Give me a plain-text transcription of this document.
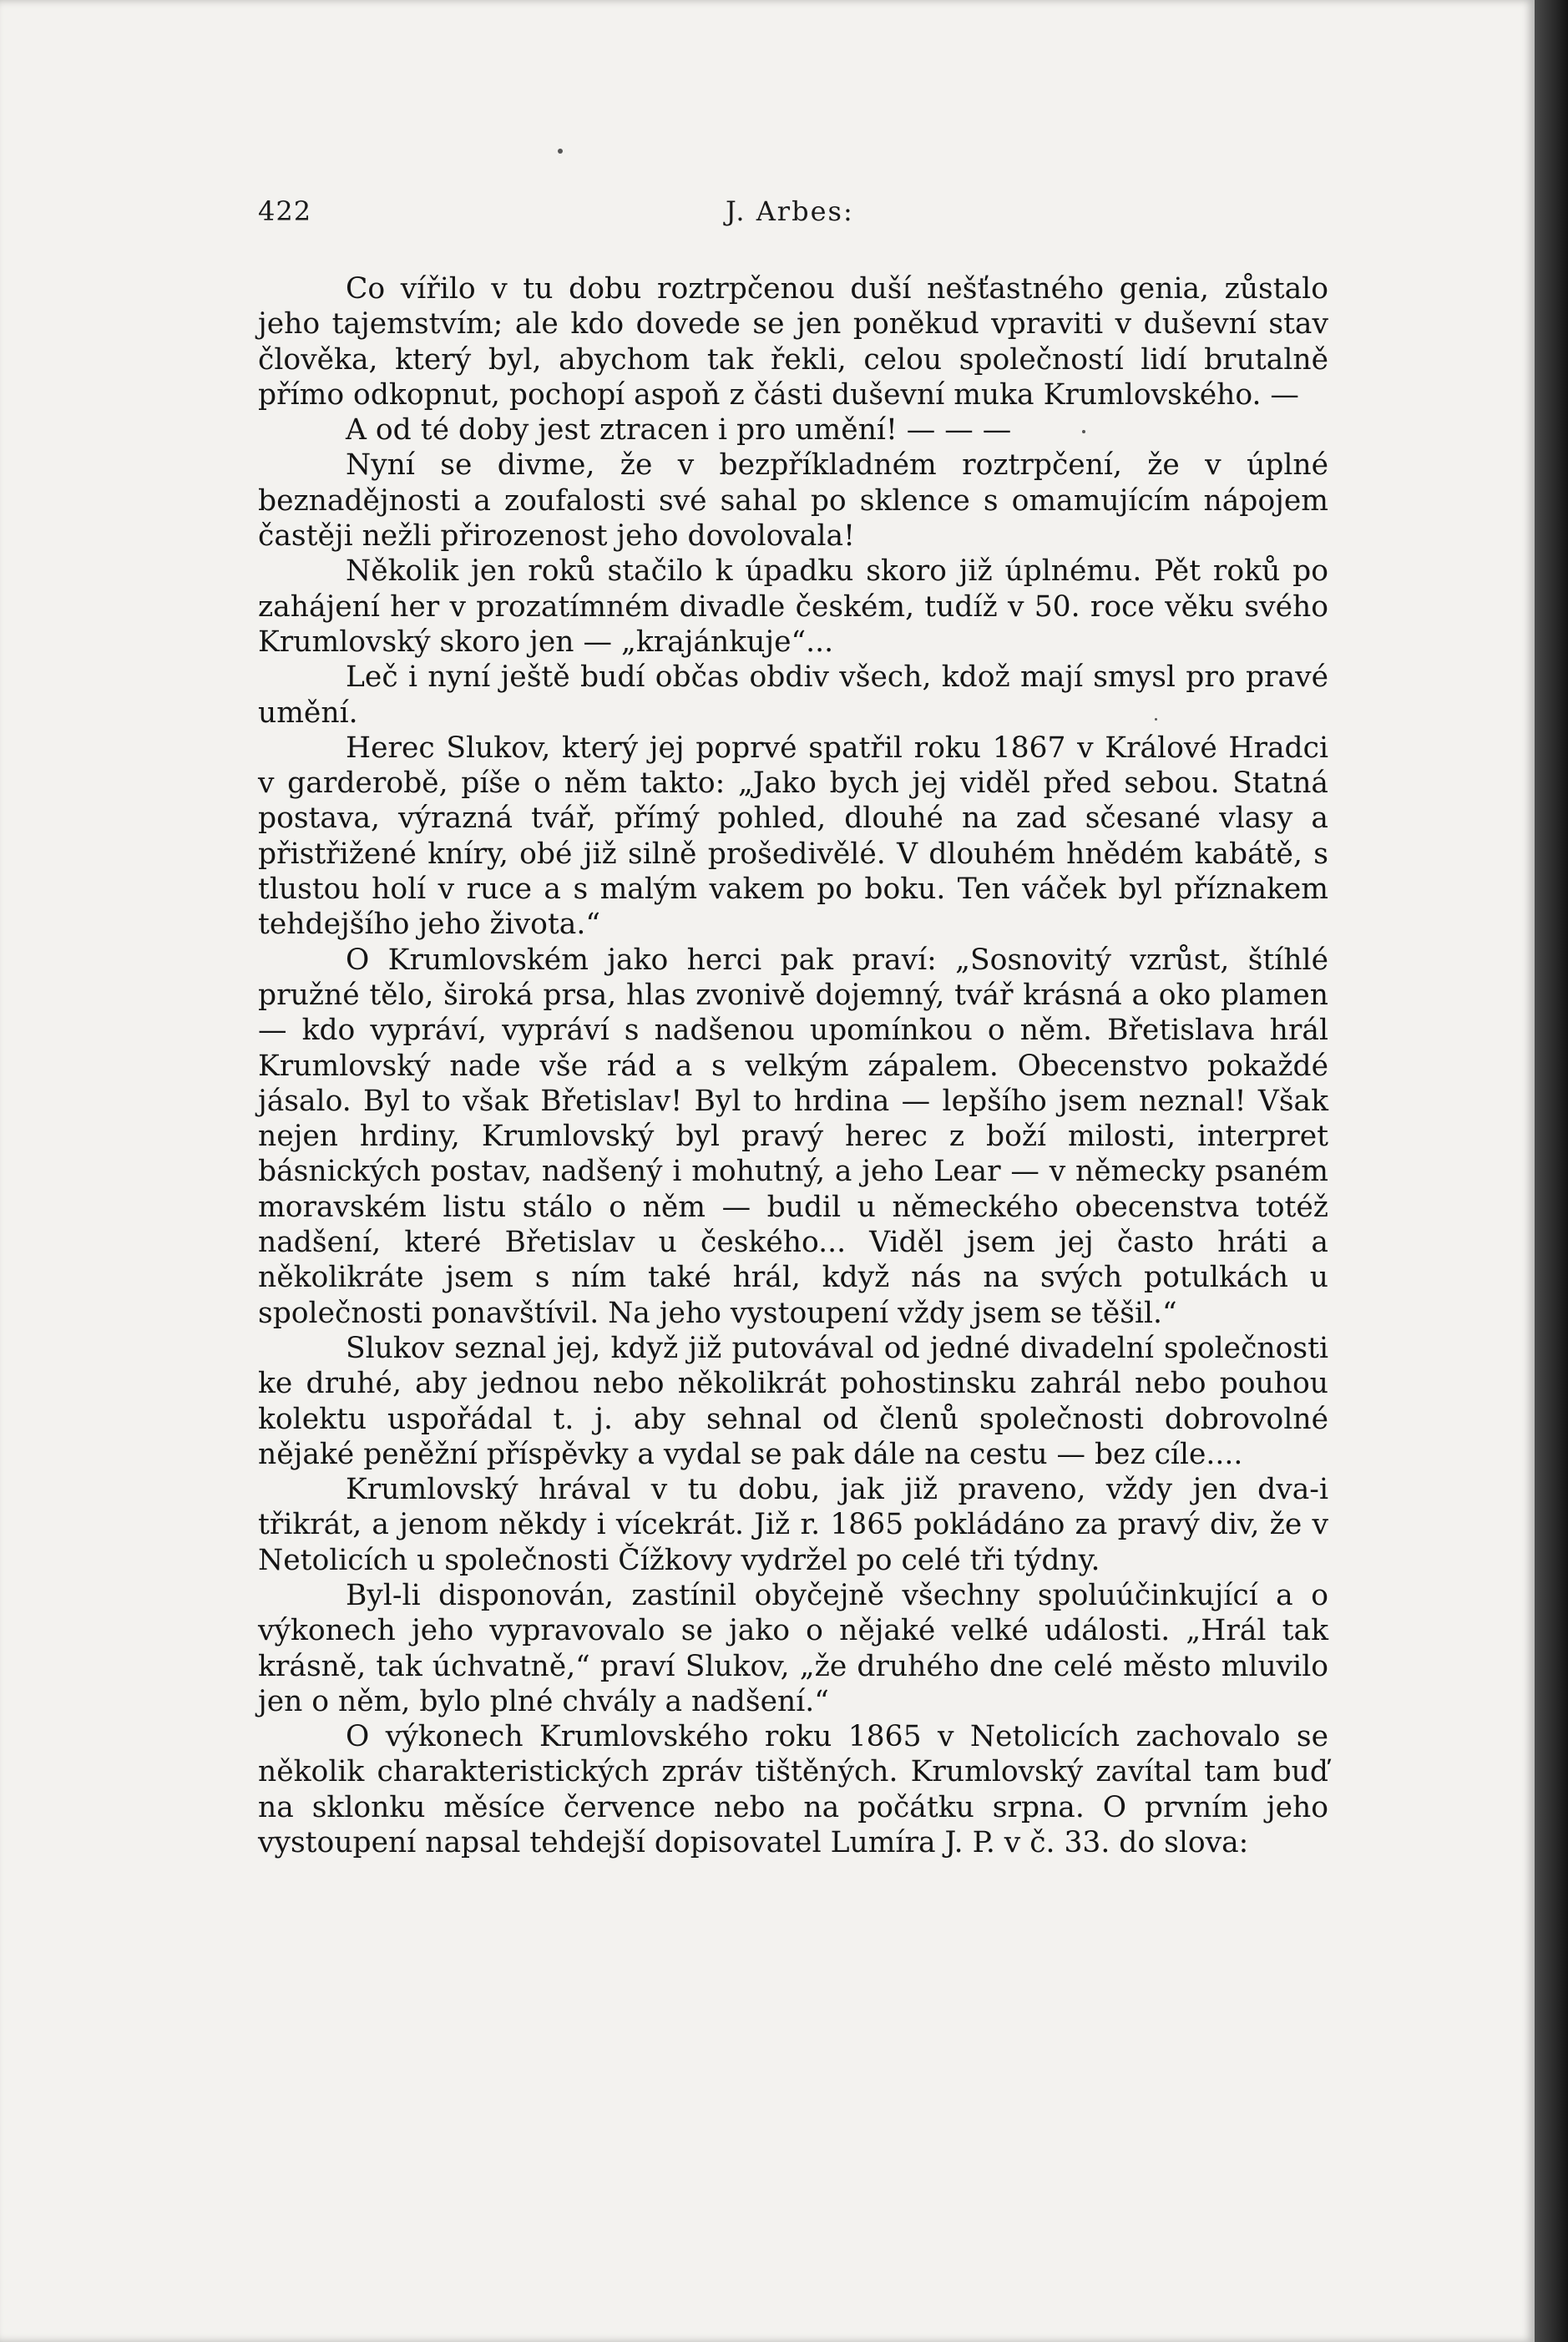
422	J. Arbes:

Co vířilo v tu dobu roztrpčenou duší nešťastného genia, zůstalo jeho tajemstvím; ale kdo dovede se jen poněkud vpraviti v duševní stav člověka, který byl, abychom tak řekli, celou společností lidí brutalně přímo odkopnut, pochopí aspoň z části duševní muka Krumlovského. —

A od té doby jest ztracen i pro umění! — — —

Nyní se divme, že v bezpříkladném roztrpčení, že v úplné beznadějnosti a zoufalosti své sahal po sklence s omamujícím nápojem častěji nežli přirozenost jeho dovolovala!

Několik jen roků stačilo k úpadku skoro již úplnému. Pět roků po zahájení her v prozatímném divadle českém, tudíž v 50. roce věku svého Krumlovský skoro jen — „krajánkuje“...

Leč i nyní ještě budí občas obdiv všech, kdož mají smysl pro pravé umění.

Herec Slukov, který jej poprvé spatřil roku 1867 v Králové Hradci v garderobě, píše o něm takto: „Jako bych jej viděl před sebou. Statná postava, výrazná tvář, přímý pohled, dlouhé na zad sčesané vlasy a přistřižené kníry, obé již silně prošedivělé. V dlouhém hnědém kabátě, s tlustou holí v ruce a s malým vakem po boku. Ten váček byl příznakem tehdejšího jeho života.“

O Krumlovském jako herci pak praví: „Sosnovitý vzrůst, štíhlé pružné tělo, široká prsa, hlas zvonivě dojemný, tvář krásná a oko plamen — kdo vypráví, vypráví s nadšenou upomínkou o něm. Břetislava hrál Krumlovský nade vše rád a s velkým zápalem. Obecenstvo pokaždé jásalo. Byl to však Břetislav! Byl to hrdina — lepšího jsem neznal! Však nejen hrdiny, Krumlovský byl pravý herec z boží milosti, interpret básnických postav, nadšený i mohutný, a jeho Lear — v německy psaném moravském listu stálo o něm — budil u německého obecenstva totéž nadšení, které Břetislav u českého... Viděl jsem jej často hráti a několikráte jsem s ním také hrál, když nás na svých potulkách u společnosti ponavštívil. Na jeho vystoupení vždy jsem se těšil.“

Slukov seznal jej, když již putovával od jedné divadelní společnosti ke druhé, aby jednou nebo několikrát pohostinsku zahrál nebo pouhou kolektu uspořádal t. j. aby sehnal od členů společnosti dobrovolné nějaké peněžní příspěvky a vydal se pak dále na cestu — bez cíle....

Krumlovský hrával v tu dobu, jak již praveno, vždy jen dva-i třikrát, a jenom někdy i vícekrát. Již r. 1865 pokládáno za pravý div, že v Netolicích u společnosti Čížkovy vydržel po celé tři týdny.

Byl-li disponován, zastínil obyčejně všechny spoluúčinkující a o výkonech jeho vypravovalo se jako o nějaké velké události. „Hrál tak krásně, tak úchvatně,“ praví Slukov, „že druhého dne celé město mluvilo jen o něm, bylo plné chvály a nadšení.“

O výkonech Krumlovského roku 1865 v Netolicích zachovalo se několik charakteristických zpráv tištěných. Krumlovský zavítal tam buď na sklonku měsíce července nebo na počátku srpna. O prvním jeho vystoupení napsal tehdejší dopisovatel Lumíra J. P. v č. 33. do slova:
